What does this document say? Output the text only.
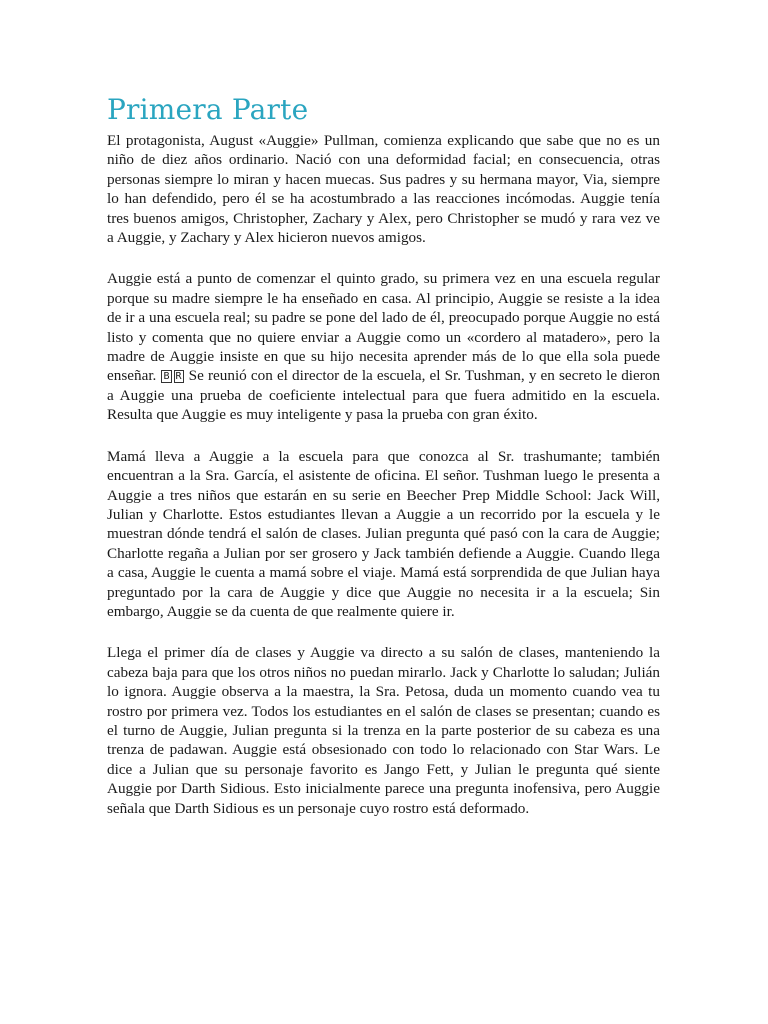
Primera Parte

El protagonista, August «Auggie» Pullman, comienza explicando que sabe que no es un niño de diez años ordinario. Nació con una deformidad facial; en consecuencia, otras personas siempre lo miran y hacen muecas. Sus padres y su hermana mayor, Via, siempre lo han defendido, pero él se ha acostumbrado a las reacciones incómodas. Auggie tenía tres buenos amigos, Christopher, Zachary y Alex, pero Christopher se mudó y rara vez ve a Auggie, y Zachary y Alex hicieron nuevos amigos.

Auggie está a punto de comenzar el quinto grado, su primera vez en una escuela regular porque su madre siempre le ha enseñado en casa. Al principio, Auggie se resiste a la idea de ir a una escuela real; su padre se pone del lado de él, preocupado porque Auggie no está listo y comenta que no quiere enviar a Auggie como un «cordero al matadero», pero la madre de Auggie insiste en que su hijo necesita aprender más de lo que ella sola puede enseñar. B R Se reunió con el director de la escuela, el Sr. Tushman, y en secreto le dieron a Auggie una prueba de coeficiente intelectual para que fuera admitido en la escuela. Resulta que Auggie es muy inteligente y pasa la prueba con gran éxito.

Mamá lleva a Auggie a la escuela para que conozca al Sr. trashumante; también encuentran a la Sra. García, el asistente de oficina. El señor. Tushman luego le presenta a Auggie a tres niños que estarán en su serie en Beecher Prep Middle School: Jack Will, Julian y Charlotte. Estos estudiantes llevan a Auggie a un recorrido por la escuela y le muestran dónde tendrá el salón de clases. Julian pregunta qué pasó con la cara de Auggie; Charlotte regaña a Julian por ser grosero y Jack también defiende a Auggie. Cuando llega a casa, Auggie le cuenta a mamá sobre el viaje. Mamá está sorprendida de que Julian haya preguntado por la cara de Auggie y dice que Auggie no necesita ir a la escuela; Sin embargo, Auggie se da cuenta de que realmente quiere ir.

Llega el primer día de clases y Auggie va directo a su salón de clases, manteniendo la cabeza baja para que los otros niños no puedan mirarlo. Jack y Charlotte lo saludan; Julián lo ignora. Auggie observa a la maestra, la Sra. Petosa, duda un momento cuando vea tu rostro por primera vez. Todos los estudiantes en el salón de clases se presentan; cuando es el turno de Auggie, Julian pregunta si la trenza en la parte posterior de su cabeza es una trenza de padawan. Auggie está obsesionado con todo lo relacionado con Star Wars. Le dice a Julian que su personaje favorito es Jango Fett, y Julian le pregunta qué siente Auggie por Darth Sidious. Esto inicialmente parece una pregunta inofensiva, pero Auggie señala que Darth Sidious es un personaje cuyo rostro está deformado.
